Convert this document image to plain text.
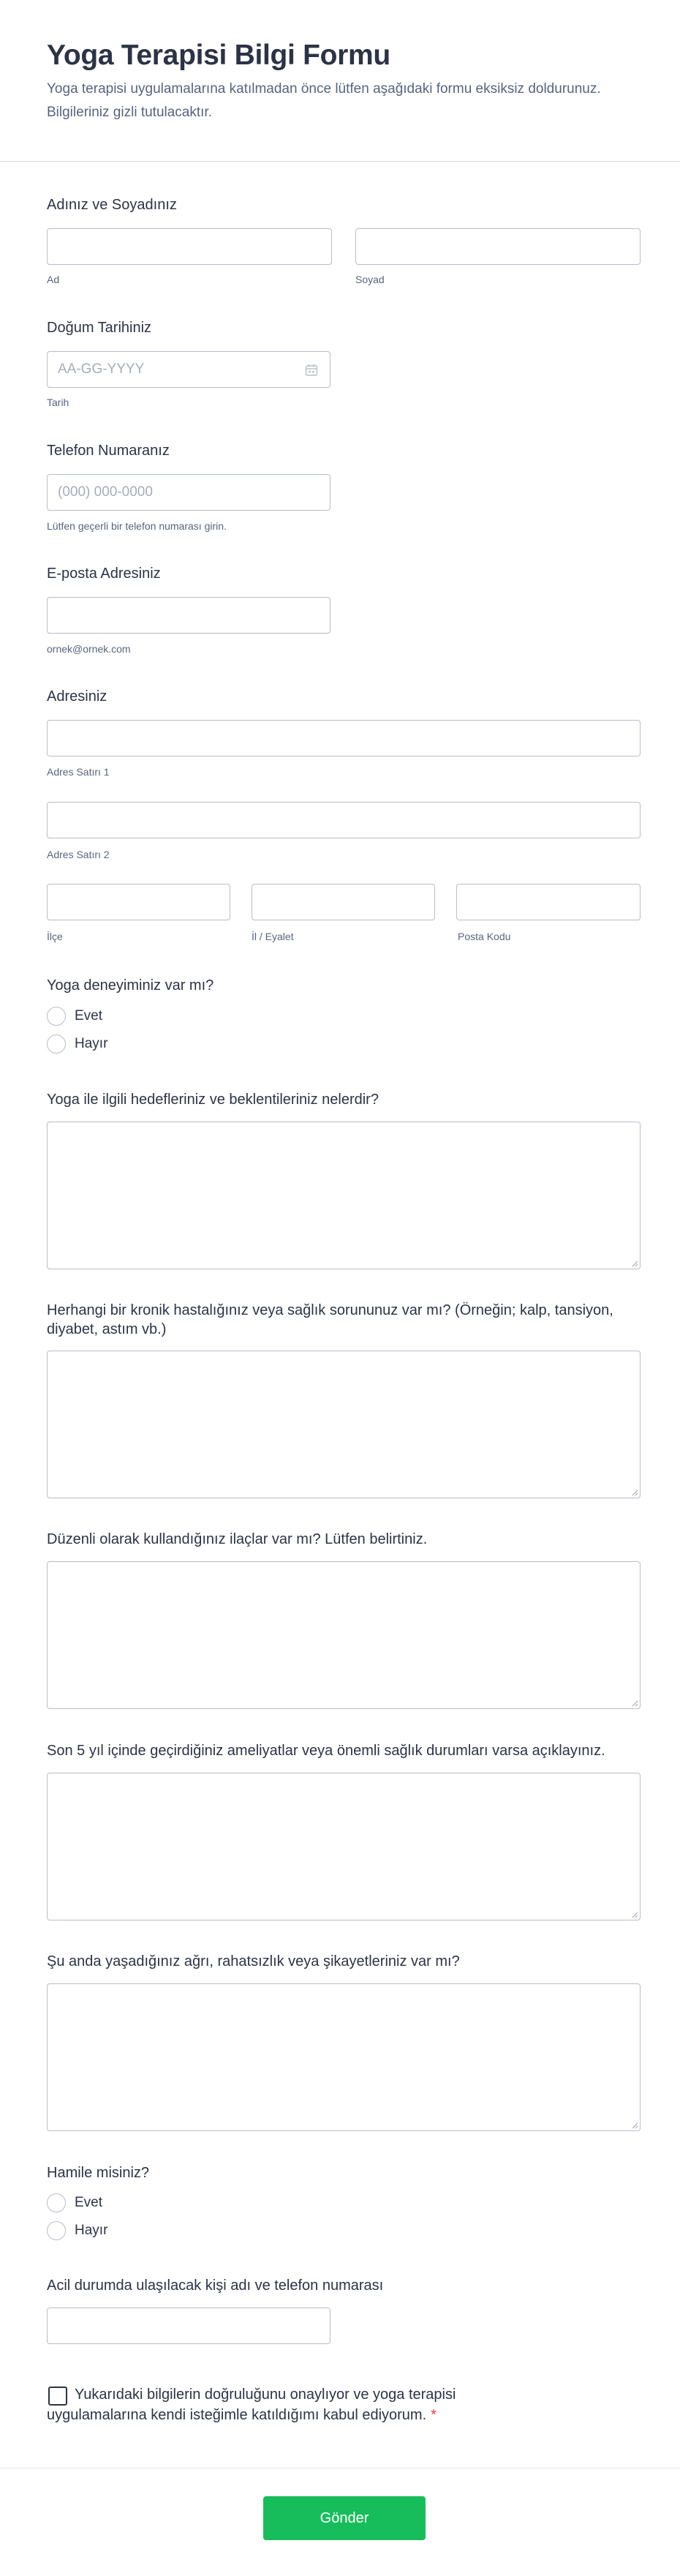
Yoga Terapisi Bilgi Formu

Yoga terapisi uygulamalarına katılmadan önce lütfen aşağıdaki formu eksiksiz doldurunuz. Bilgileriniz gizli tutulacaktır.

Adınız ve Soyadınız
Ad	Soyad
Doğum Tarihiniz
AA-GG-YYYY
Tarih
Telefon Numaranız
(000) 000-0000
Lütfen geçerli bir telefon numarası girin.
E-posta Adresiniz
ornek@ornek.com
Adresiniz
Adres Satırı 1
Adres Satırı 2
İlçe	İl / Eyalet	Posta Kodu
Yoga deneyiminiz var mı?
Evet
Hayır
Yoga ile ilgili hedefleriniz ve beklentileriniz nelerdir?
Herhangi bir kronik hastalığınız veya sağlık sorununuz var mı? (Örneğin; kalp, tansiyon, diyabet, astım vb.)
Düzenli olarak kullandığınız ilaçlar var mı? Lütfen belirtiniz.
Son 5 yıl içinde geçirdiğiniz ameliyatlar veya önemli sağlık durumları varsa açıklayınız.
Şu anda yaşadığınız ağrı, rahatsızlık veya şikayetleriniz var mı?
Hamile misiniz?
Evet
Hayır
Acil durumda ulaşılacak kişi adı ve telefon numarası
Yukarıdaki bilgilerin doğruluğunu onaylıyor ve yoga terapisi uygulamalarına kendi isteğimle katıldığımı kabul ediyorum. *
Gönder
